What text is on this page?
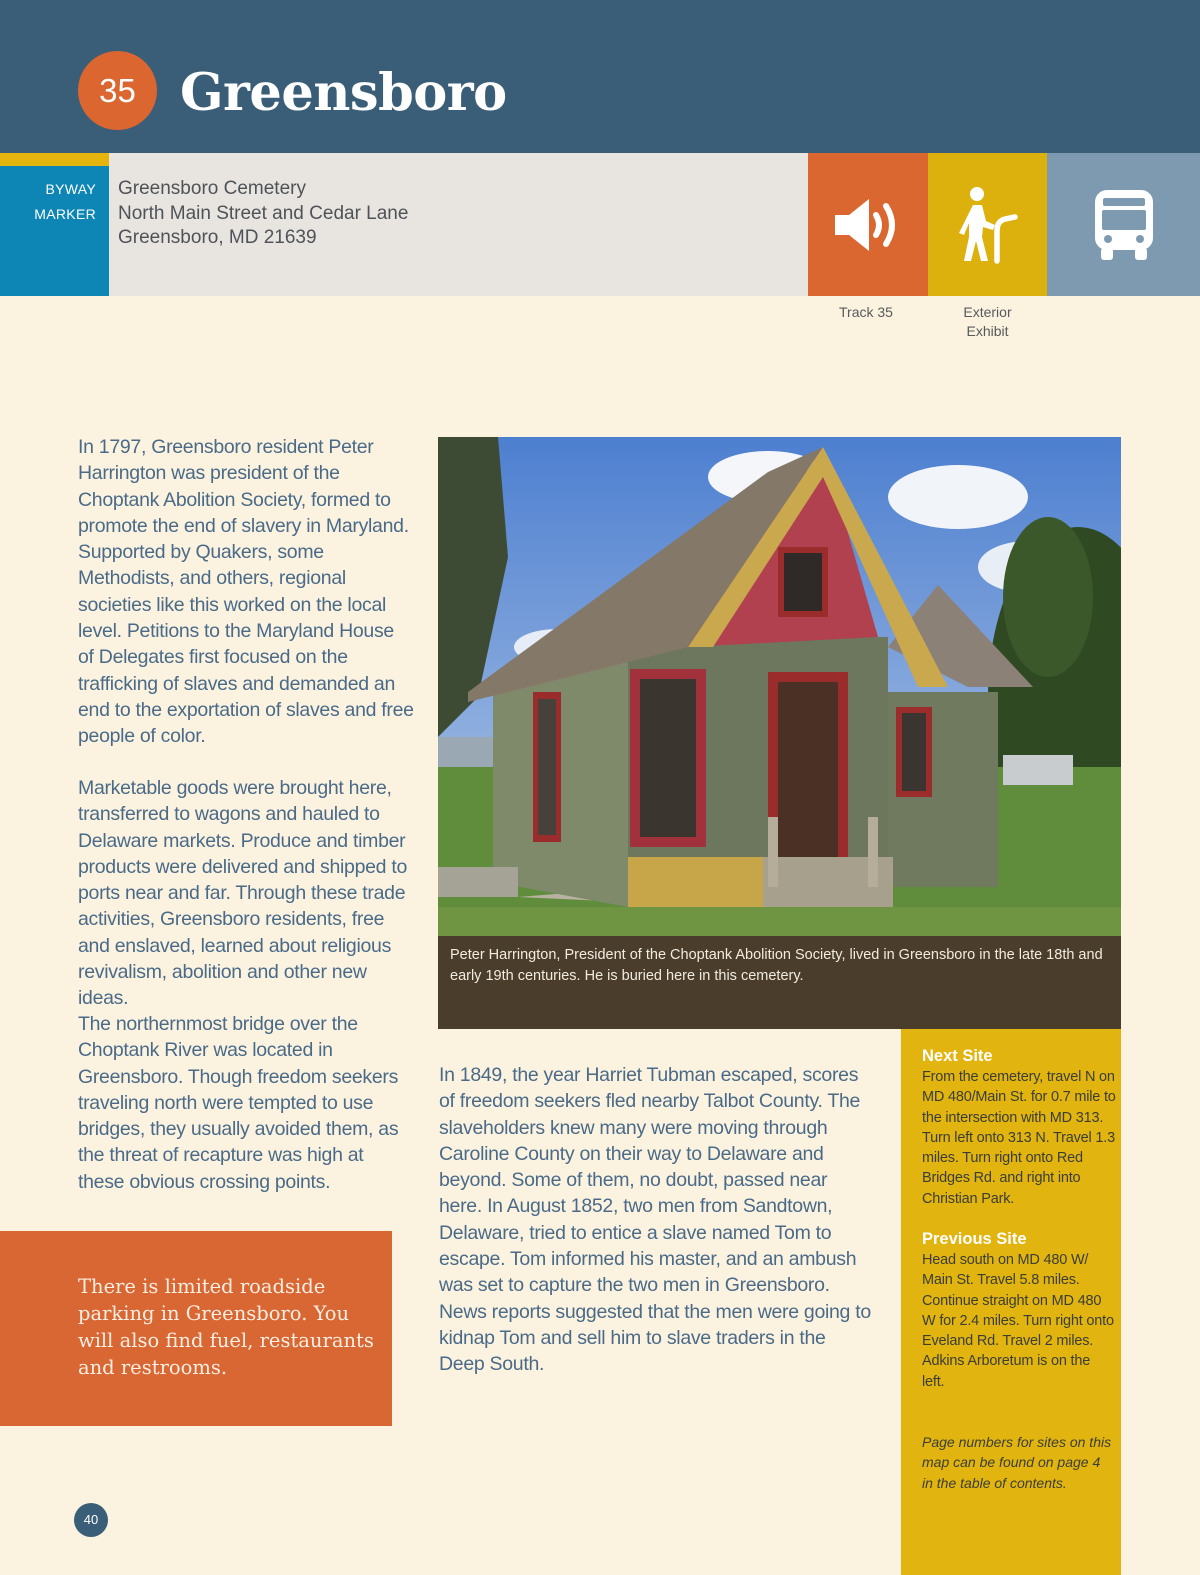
35 Greensboro
BYWAY
MARKER
Greensboro Cemetery
North Main Street and Cedar Lane
Greensboro, MD 21639
Track 35	Exterior
Exhibit

In 1797, Greensboro resident Peter Harrington was president of the Choptank Abolition Society, formed to promote the end of slavery in Maryland. Supported by Quakers, some Methodists, and others, regional societies like this worked on the local level. Petitions to the Maryland House of Delegates first focused on the trafficking of slaves and demanded an end to the exportation of slaves and free people of color.

Marketable goods were brought here, transferred to wagons and hauled to Delaware markets. Produce and timber products were delivered and shipped to ports near and far. Through these trade activities, Greensboro residents, free and enslaved, learned about religious revivalism, abolition and other new ideas.

The northernmost bridge over the Choptank River was located in Greensboro. Though freedom seekers traveling north were tempted to use bridges, they usually avoided them, as the threat of recapture was high at these obvious crossing points.

Peter Harrington, President of the Choptank Abolition Society, lived in Greensboro in the late 18th and early 19th centuries. He is buried here in this cemetery.

In 1849, the year Harriet Tubman escaped, scores of freedom seekers fled nearby Talbot County. The slaveholders knew many were moving through Caroline County on their way to Delaware and beyond. Some of them, no doubt, passed near here. In August 1852, two men from Sandtown, Delaware, tried to entice a slave named Tom to escape. Tom informed his master, and an ambush was set to capture the two men in Greensboro. News reports suggested that the men were going to kidnap Tom and sell him to slave traders in the Deep South.

There is limited roadside parking in Greensboro. You will also find fuel, restaurants and restrooms.
Next Site
From the cemetery, travel N on MD 480/Main St. for 0.7 mile to the intersection with MD 313. Turn left onto 313 N. Travel 1.3 miles. Turn right onto Red Bridges Rd. and right into Christian Park.
Previous Site
Head south on MD 480 W/ Main St. Travel 5.8 miles. Continue straight on MD 480 W for 2.4 miles. Turn right onto Eveland Rd. Travel 2 miles. Adkins Arboretum is on the left.
Page numbers for sites on this map can be found on page 4 in the table of contents.
40
